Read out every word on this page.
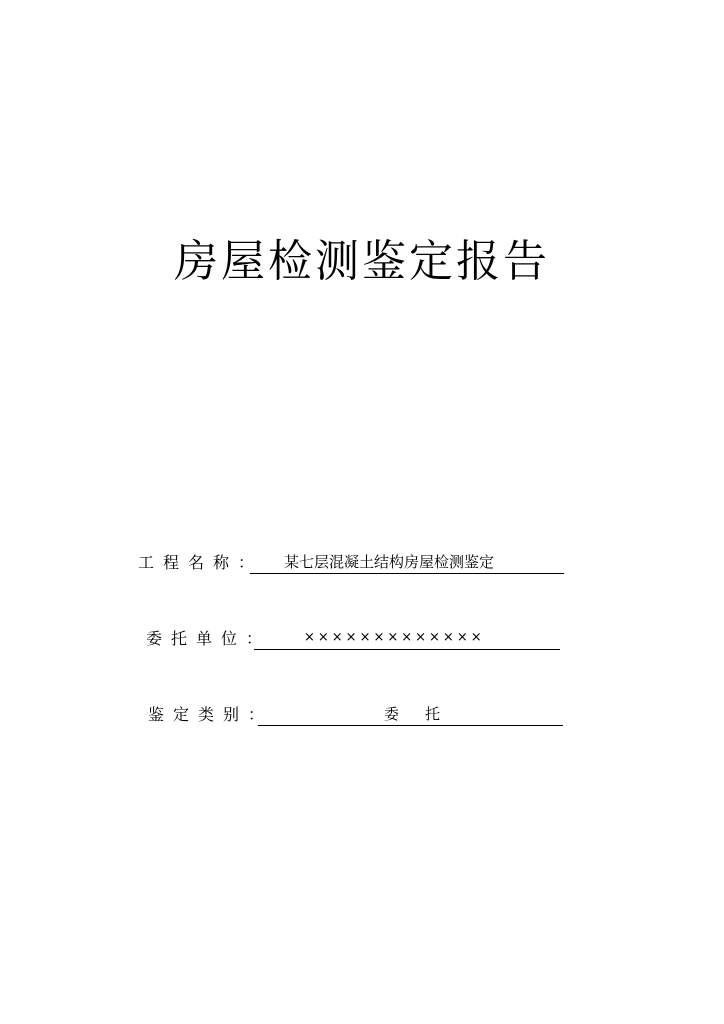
房屋检测鉴定报告
工程名称： 某七层混凝土结构房屋检测鉴定
委托单位：	×××××××××××××
鉴定类别：	委托
